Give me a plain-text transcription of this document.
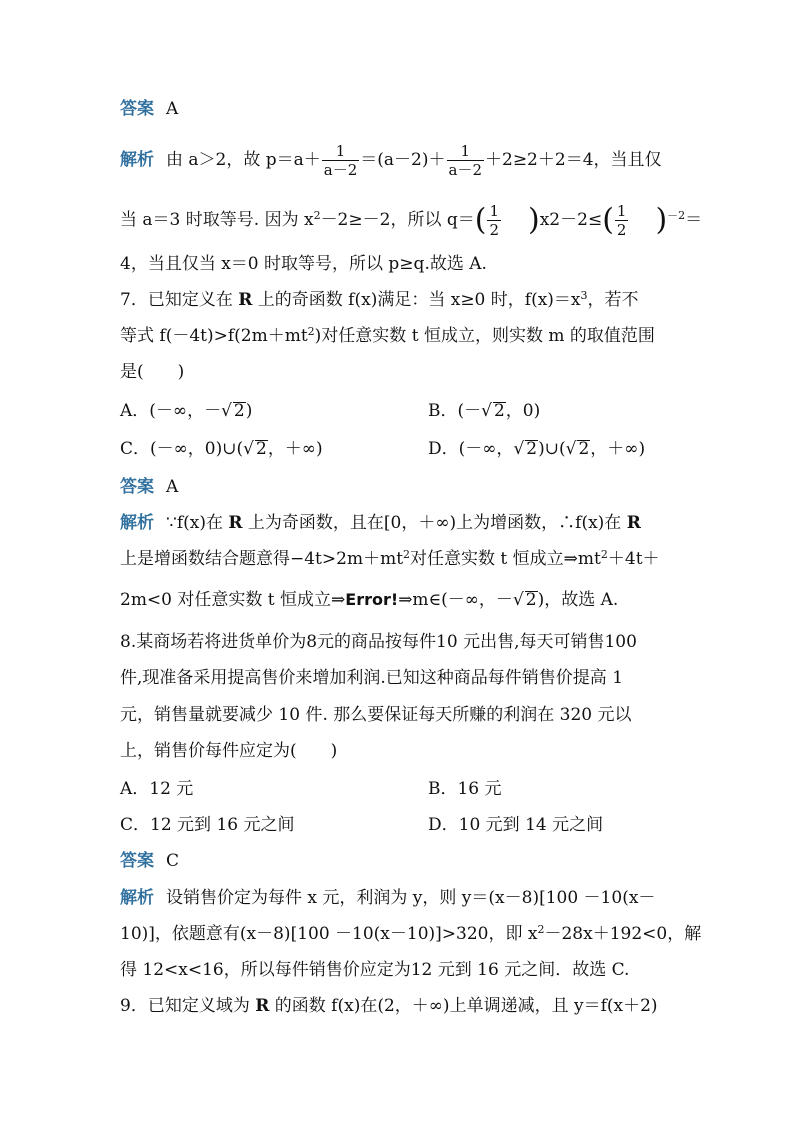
答案 A
解析 由 a＞2，故 $p=a+ \frac{1}{a-2} =(a-2)+ \frac{1}{a-2} +2\ge 2+2=4$，当且仅
当 a＝3 时取等号. 因为 $x^2-2\ge-2$，所以 $q=( \frac{1}{2} )x2-2\le( \frac{1}{2} )^{-2}=$
4，当且仅当 x＝0 时取等号，所以 p≥q.故选 A.
7．已知定义在 R 上的奇函数 f(x)满足：当 x≥0 时，$f(x)=x^3$，若不
等式 $f(-4t)>f(2m+mt^2)$对任意实数 t 恒成立，则实数 m 的取值范围
是(　　)
A．(－∞，－√ 2)	B．(－√ 2，0)
C．(－∞，0)∪(√ 2，＋∞)	D．(－∞，√ 2)∪(√ 2，＋∞)
答案 A
解析 ∵f(x)在 R 上为奇函数，且在[0，＋∞)上为增函数，∴f(x)在 R
上是增函数结合题意得$-4t>2m+mt^2$对任意实数 t 恒成立$\Rightarrow mt^2+4t+$
2m<0 对任意实数 t 恒成立⇒Error!⇒m∈(－∞，－√ 2)，故选 A.
8.某商场若将进货单价为8元的商品按每件10 元出售,每天可销售100
件,现准备采用提高售价来增加利润.已知这种商品每件销售价提高 1
元，销售量就要减少 10 件. 那么要保证每天所赚的利润在 320 元以
上，销售价每件应定为(　　)
A．12 元	B．16 元
C．12 元到 16 元之间	D．10 元到 14 元之间
答案 C
解析 设销售价定为每件 x 元，利润为 y，则 y＝(x－8)[100 －10(x－
10)]，依题意有(x－8)[100 －10(x－10)]>320，即 $x^2-28x+192<0$，解
得 12<x<16，所以每件销售价应定为12 元到 16 元之间．故选 C.
9．已知定义域为 R 的函数 f(x)在(2，＋∞)上单调递减，且 y＝f(x＋2)
